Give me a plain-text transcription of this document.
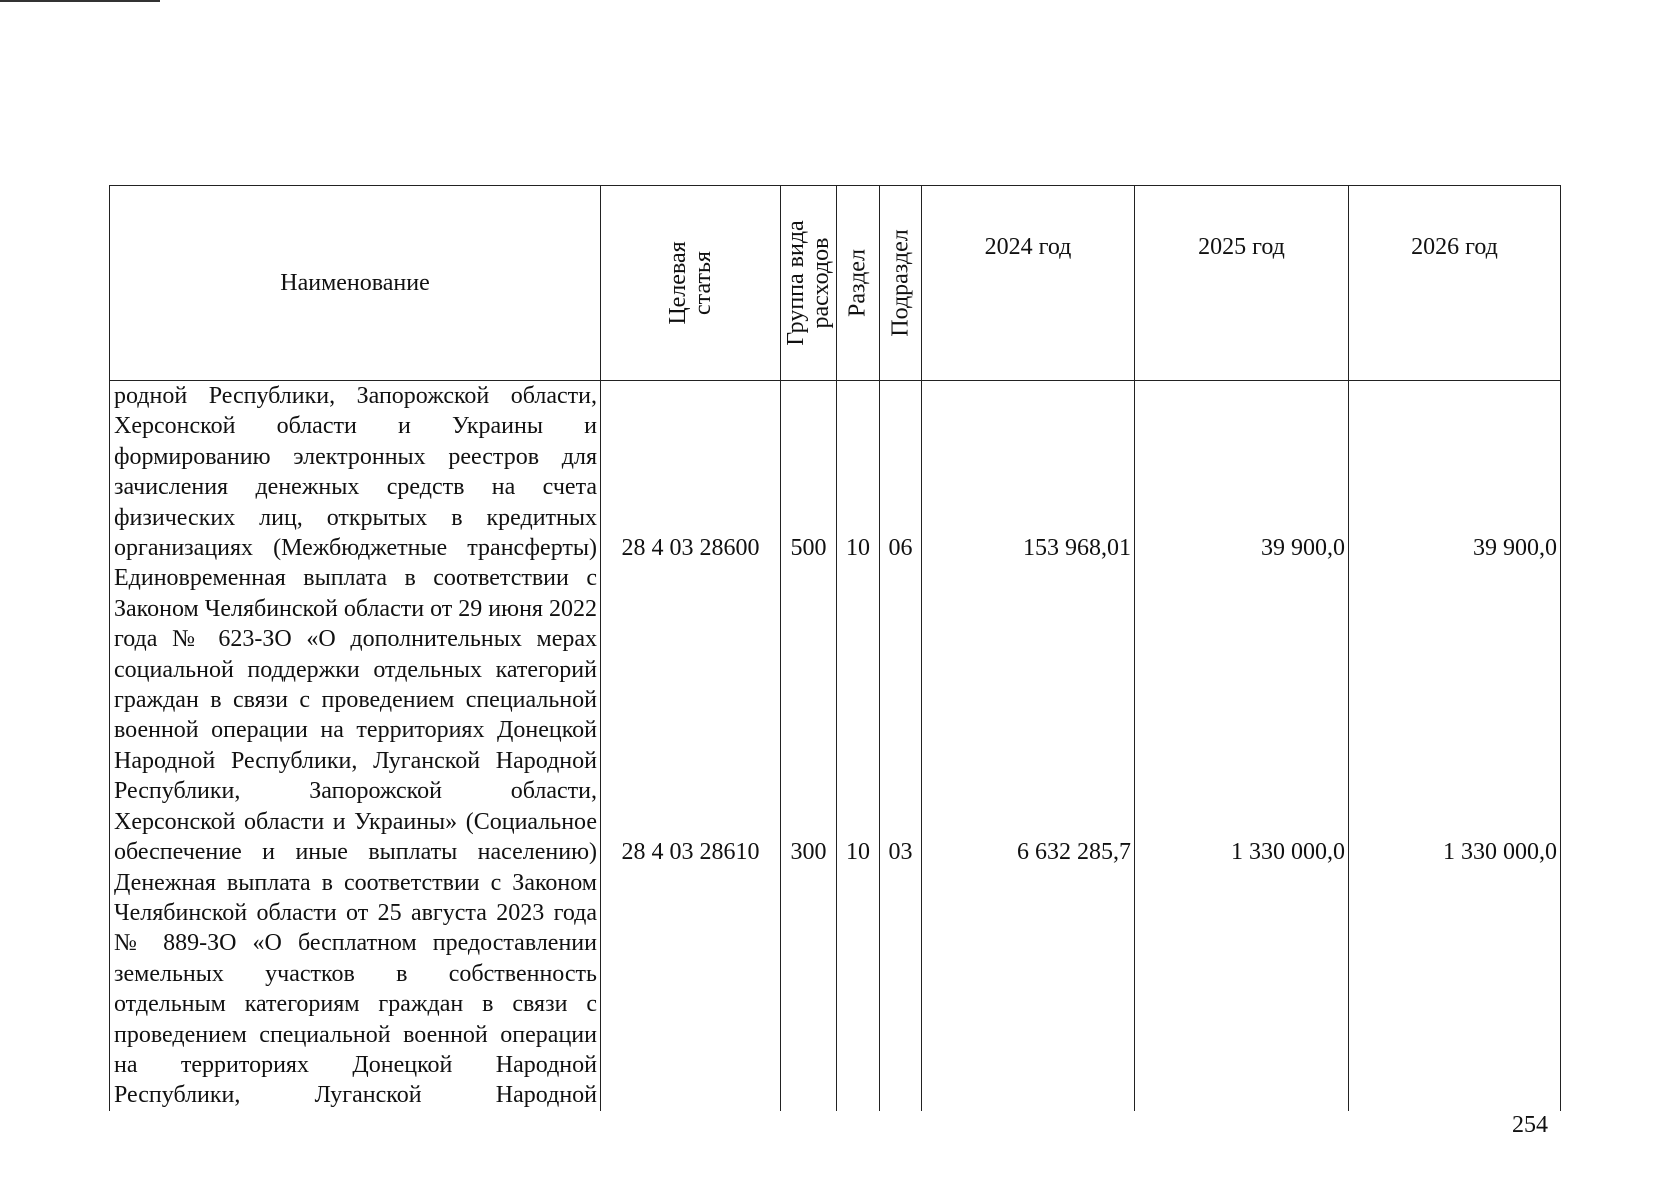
Наименование	Целевая статья	Группа вида расходов	Раздел	Подраздел	2024 год	2025 год	2026 год
родной Республики, Запорожской области, Херсонской области и Украины и формированию электронных реестров для зачисления денежных средств на счета физических лиц, открытых в кредитных организациях (Межбюджетные трансферты)	28 4 03 28600	500	10	06	153 968,01	39 900,0	39 900,0
Единовременная выплата в соответствии с Законом Челябинской области от 29 июня 2022 года № 623-ЗО «О дополнительных мерах социальной поддержки отдельных категорий граждан в связи с проведением специальной военной операции на территориях Донецкой Народной Республики, Луганской Народной Республики, Запорожской области, Херсонской области и Украины» (Социальное обеспечение и иные выплаты населению)	28 4 03 28610	300	10	03	6 632 285,7	1 330 000,0	1 330 000,0
Денежная выплата в соответствии с Законом Челябинской области от 25 августа 2023 года № 889-ЗО «О бесплатном предоставлении земельных участков в собственность отдельным категориям граждан в связи с проведением специальной военной операции на территориях Донецкой Народной Республики, Луганской Народной							
254
